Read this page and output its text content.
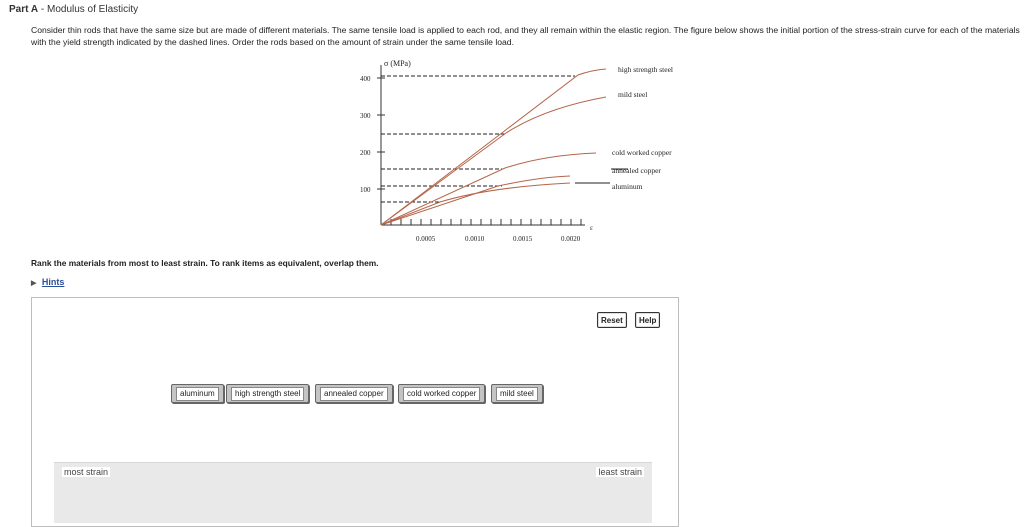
Part A - Modulus of Elasticity
Consider thin rods that have the same size but are made of different materials. The same tensile load is applied to each rod, and they all remain within the elastic region. The figure below shows the initial portion of the stress-strain curve for each of the materials with the yield strength indicated by the dashed lines. Order the rods based on the amount of strain under the same tensile load.
σ (MPa)
ε
400
300
200
100
0.0005	0.0010	0.0015	0.0020
high strength steel
mild steel
cold worked copper
annealed copper
aluminum
Rank the materials from most to least strain. To rank items as equivalent, overlap them.
▶ Hints
Reset	Help
aluminum	high strength steel	annealed copper	cold worked copper	mild steel
most strain	least strain
